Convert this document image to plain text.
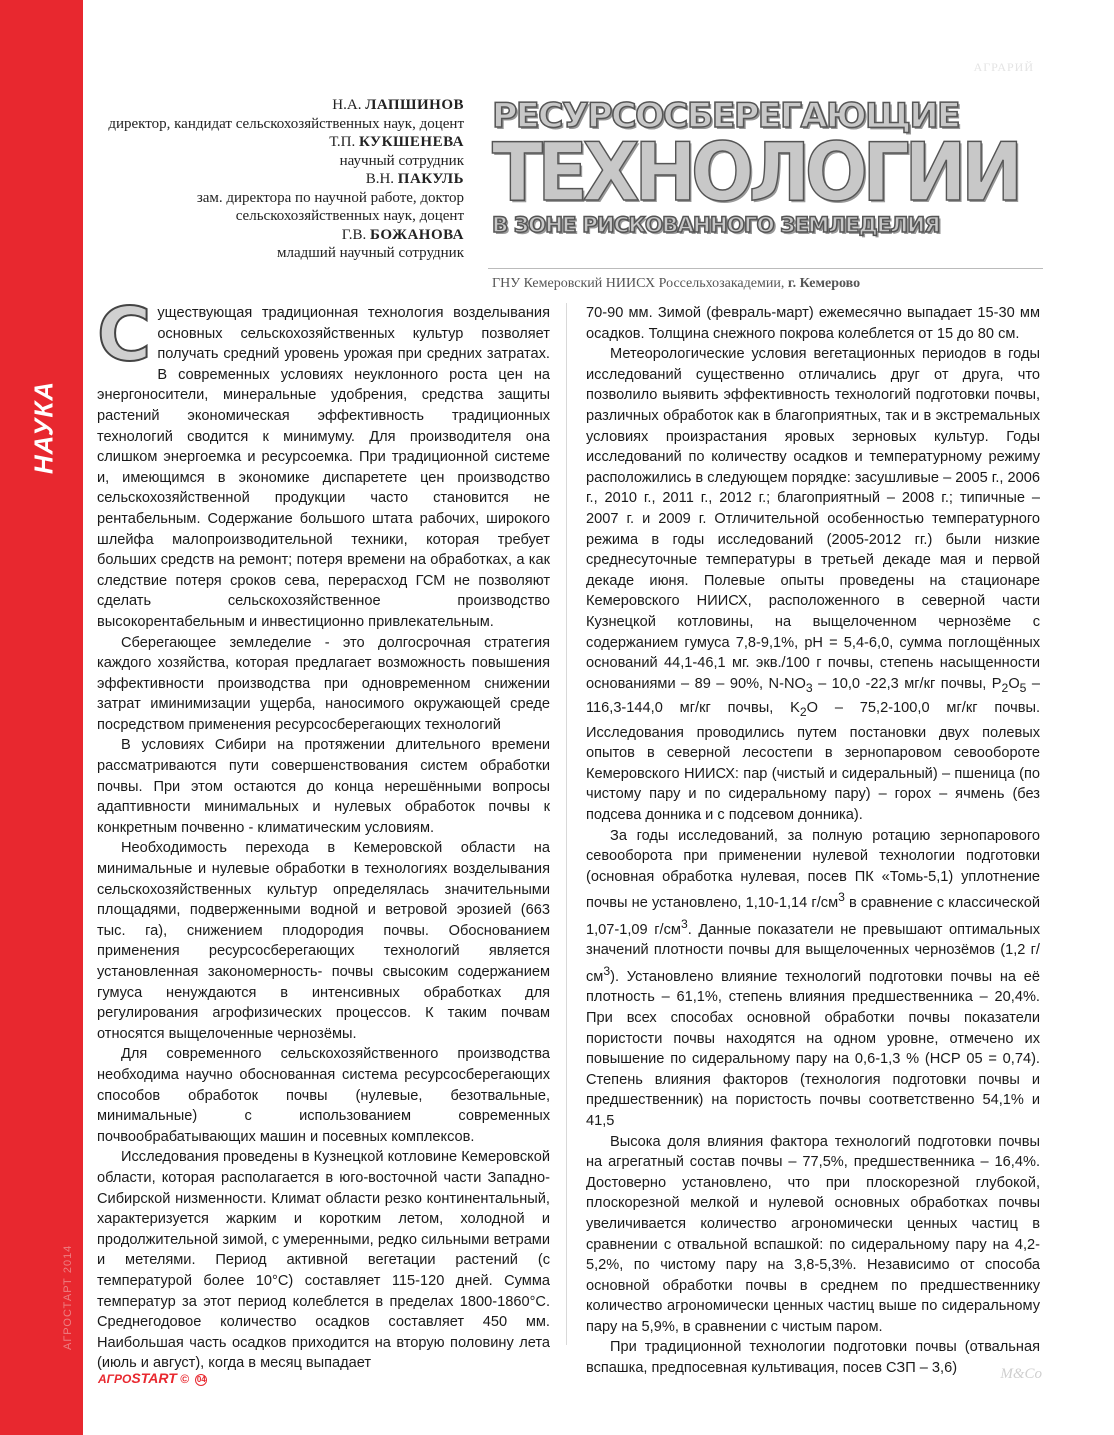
НАУКА
АГРОСТАРТ 2014
АГРАРИЙ
Н.А. ЛАПШИНОВ
директор, кандидат сельскохозяйственных наук, доцент
Т.П. КУКШЕНЕВА
научный сотрудник
В.Н. ПАКУЛЬ
зам. директора по научной работе, доктор сельскохозяйственных наук, доцент
Г.В. БОЖАНОВА
младший научный сотрудник
РЕСУРСОСБЕРЕГАЮЩИЕ
ТЕХНОЛОГИИ
В ЗОНЕ РИСКОВАННОГО ЗЕМЛЕДЕЛИЯ
ГНУ Кемеровский НИИСХ Россельхозакадемии, г. Кемерово

Существующая традиционная технология возделывания основных сельскохозяйственных культур позволяет получать средний уровень урожая при средних затратах. В современных условиях неуклонного роста цен на энергоносители, минеральные удобрения, средства защиты растений экономическая эффективность традиционных технологий сводится к минимуму. Для производителя она слишком энергоемка и ресурсоемка. При традиционной системе и, имеющимся в экономике диспаретете цен производство сельскохозяйственной продукции часто становится не рентабельным. Содержание большого штата рабочих, широкого шлейфа малопроизводительной техники, которая требует больших средств на ремонт; потеря времени на обработках, а как следствие потеря сроков сева, перерасход ГСМ не позволяют сделать сельскохозяйственное производство высокорентабельным и инвестиционно привлекательным.

Сберегающее земледелие - это долгосрочная стратегия каждого хозяйства, которая предлагает возможность повышения эффективности производства при одновременном снижении затрат иминимизации ущерба, наносимого окружающей среде посредством применения ресурсосберегающих технологий

В условиях Сибири на протяжении длительного времени рассматриваются пути совершенствования систем обработки почвы. При этом остаются до конца нерешёнными вопросы адаптивности минимальных и нулевых обработок почвы к конкретным почвенно - климатическим условиям.

Необходимость перехода в Кемеровской области на минимальные и нулевые обработки в технологиях возделывания сельскохозяйственных культур определялась значительными площадями, подверженными водной и ветровой эрозией (663 тыс. га), снижением плодородия почвы. Обоснованием применения ресурсосберегающих технологий является установленная закономерность- почвы свысоким содержанием гумуса ненуждаются в интенсивных обработках для регулирования агрофизических процессов. К таким почвам относятся выщелоченные чернозёмы.

Для современного сельскохозяйственного производства необходима научно обоснованная система ресурсосберегающих способов обработок почвы (нулевые, безотвальные, минимальные) с использованием современных почвообрабатывающих машин и посевных комплексов.

Исследования проведены в Кузнецкой котловине Кемеровской области, которая располагается в юго-восточной части Западно-Сибирской низменности. Климат области резко континентальный, характеризуется жарким и коротким летом, холодной и продолжительной зимой, с умеренными, редко сильными ветрами и метелями. Период активной вегетации растений (с температурой более 10°С) составляет 115-120 дней. Сумма температур за этот период колеблется в пределах 1800-1860°С. Среднегодовое количество осадков составляет 450 мм. Наибольшая часть осадков приходится на вторую половину лета (июль и август), когда в месяц выпадает

70-90 мм. Зимой (февраль-март) ежемесячно выпадает 15-30 мм осадков. Толщина снежного покрова колеблется от 15 до 80 см.

Метеорологические условия вегетационных периодов в годы исследований существенно отличались друг от друга, что позволило выявить эффективность технологий подготовки почвы, различных обработок как в благоприятных, так и в экстремальных условиях произрастания яровых зерновых культур. Годы исследований по количеству осадков и температурному режиму расположились в следующем порядке: засушливые – 2005 г., 2006 г., 2010 г., 2011 г., 2012 г.; благоприятный – 2008 г.; типичные – 2007 г. и 2009 г. Отличительной особенностью температурного режима в годы исследований (2005-2012 гг.) были низкие среднесуточные температуры в третьей декаде мая и первой декаде июня. Полевые опыты проведены на стационаре Кемеровского НИИСХ, расположенного в северной части Кузнецкой котловины, на выщелоченном чернозёме с содержанием гумуса 7,8-9,1%, pH = 5,4-6,0, сумма поглощённых оснований 44,1-46,1 мг. экв./100 г почвы, степень насыщенности основаниями – 89 – 90%, $N-NO_3 - 10,0$ -22,3 мг/кг почвы, $P_2O_5 - 116,3-144,0$ мг/кг почвы, $K_2O - 75,2-100,0$ мг/кг почвы. Исследования проводились путем постановки двух полевых опытов в северной лесостепи в зернопаровом севообороте Кемеровского НИИСХ: пар (чистый и сидеральный) – пшеница (по чистому пару и по сидеральному пару) – горох – ячмень (без подсева донника и с подсевом донника).

За годы исследований, за полную ротацию зернопарового севооборота при применении нулевой технологии подготовки (основная обработка нулевая, посев ПК «Томь-5,1) уплотнение почвы не установлено, 1,10-1,14 $г/см^3$ в сравнение с классической 1,07-1,09 $г/см^3$. Данные показатели не превышают оптимальных значений плотности почвы для выщелоченных чернозёмов (1,2 $г/см^3$). Установлено влияние технологий подготовки почвы на её плотность – 61,1%, степень влияния предшественника – 20,4%. При всех способах основной обработки почвы показатели пористости почвы находятся на одном уровне, отмечено их повышение по сидеральному пару на 0,6-1,3 % (НСР 05 = 0,74). Степень влияния факторов (технология подготовки почвы и предшественник) на пористость почвы соответственно 54,1% и 41,5

Высока доля влияния фактора технологий подготовки почвы на агрегатный состав почвы – 77,5%, предшественника – 16,4%. Достоверно установлено, что при плоскорезной глубокой, плоскорезной мелкой и нулевой основных обработках почвы увеличивается количество агрономически ценных частиц в сравнении с отвальной вспашкой: по сидеральному пару на 4,2-5,2%, по чистому пару на 3,8-5,3%. Независимо от способа основной обработки почвы в среднем по предшественнику количество агрономически ценных частиц выше по сидеральному пару на 5,9%, в сравнении с чистым паром.

При традиционной технологии подготовки почвы (отвальная вспашка, предпосевная культивация, посев СЗП – 3,6)

АГРОSTART © 04	M&Co
